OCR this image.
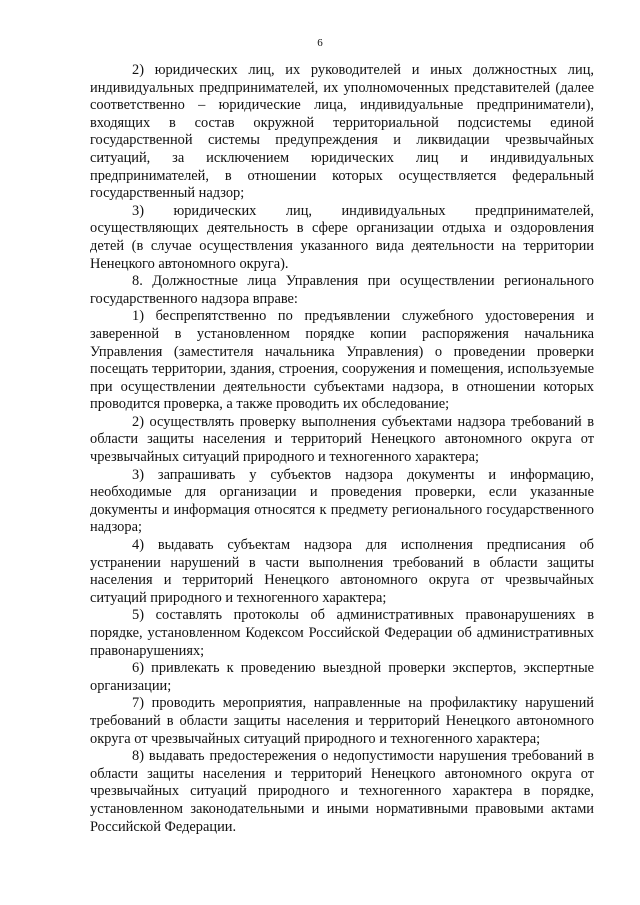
6

2) юридических лиц, их руководителей и иных должностных лиц, индивидуальных предпринимателей, их уполномоченных представителей (далее соответственно – юридические лица, индивидуальные предприниматели), входящих в состав окружной территориальной подсистемы единой государственной системы предупреждения и ликвидации чрезвычайных ситуаций, за исключением юридических лиц и индивидуальных предпринимателей, в отношении которых осуществляется федеральный государственный надзор;

3) юридических лиц, индивидуальных предпринимателей, осуществляющих деятельность в сфере организации отдыха и оздоровления детей (в случае осуществления указанного вида деятельности на территории Ненецкого автономного округа).

8. Должностные лица Управления при осуществлении регионального государственного надзора вправе:

1) беспрепятственно по предъявлении служебного удостоверения и заверенной в установленном порядке копии распоряжения начальника Управления (заместителя начальника Управления) о проведении проверки посещать территории, здания, строения, сооружения и помещения, используемые при осуществлении деятельности субъектами надзора, в отношении которых проводится проверка, а также проводить их обследование;

2) осуществлять проверку выполнения субъектами надзора требований в области защиты населения и территорий Ненецкого автономного округа от чрезвычайных ситуаций природного и техногенного характера;

3) запрашивать у субъектов надзора документы и информацию, необходимые для организации и проведения проверки, если указанные документы и информация относятся к предмету регионального государственного надзора;

4) выдавать субъектам надзора для исполнения предписания об устранении нарушений в части выполнения требований в области защиты населения и территорий Ненецкого автономного округа от чрезвычайных ситуаций природного и техногенного характера;

5) составлять протоколы об административных правонарушениях в порядке, установленном Кодексом Российской Федерации об административных правонарушениях;

6) привлекать к проведению выездной проверки экспертов, экспертные организации;

7) проводить мероприятия, направленные на профилактику нарушений требований в области защиты населения и территорий Ненецкого автономного округа от чрезвычайных ситуаций природного и техногенного характера;

8) выдавать предостережения о недопустимости нарушения требований в области защиты населения и территорий Ненецкого автономного округа от чрезвычайных ситуаций природного и техногенного характера в порядке, установленном законодательными и иными нормативными правовыми актами Российской Федерации.
